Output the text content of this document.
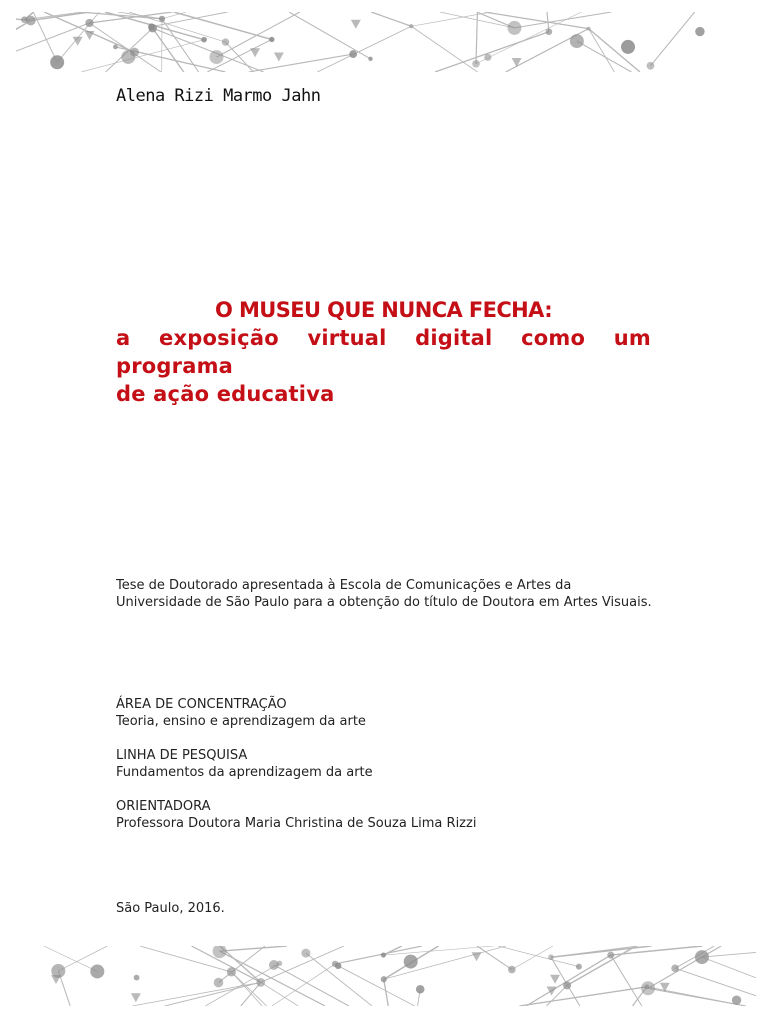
Alena Rizi Marmo Jahn
O MUSEU QUE NUNCA FECHA:
a exposição virtual digital como um programa
de ação educativa
Tese de Doutorado apresentada à Escola de Comunicações e Artes da Universidade de São Paulo para a obtenção do título de Doutora em Artes Visuais.
ÁREA DE CONCENTRAÇÃO
Teoria, ensino e aprendizagem da arte
LINHA DE PESQUISA
Fundamentos da aprendizagem da arte
ORIENTADORA
Professora Doutora Maria Christina de Souza Lima Rizzi
São Paulo, 2016.
